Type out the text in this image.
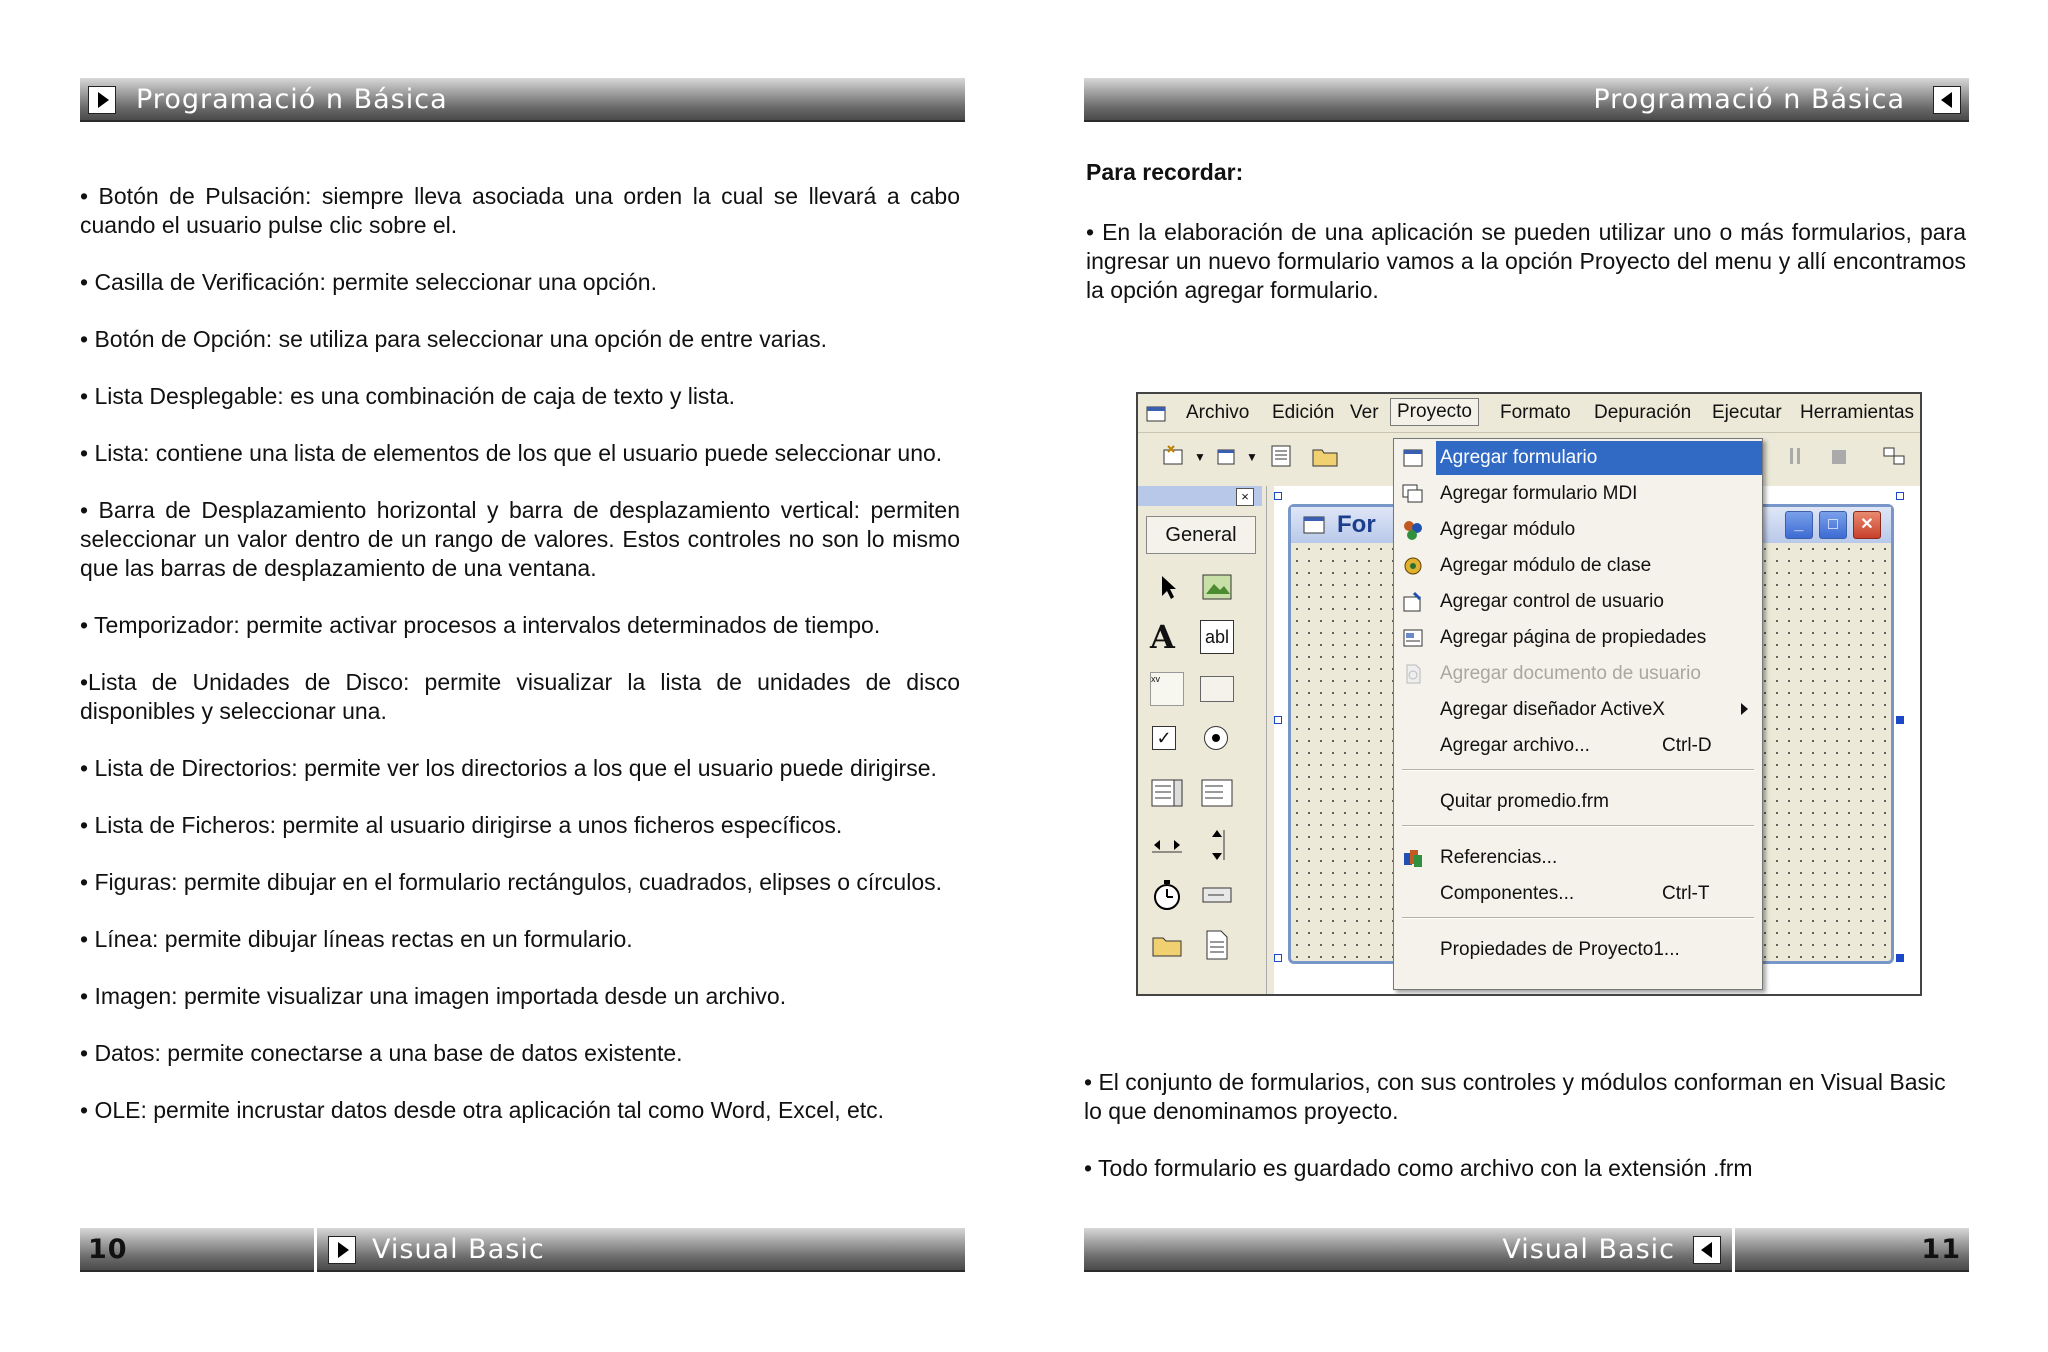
Programació n Básica

• Botón de Pulsación: siempre lleva asociada una orden la cual se llevará a cabo cuando el usuario pulse clic sobre el.

• Casilla de Verificación: permite seleccionar una opción.

• Botón de Opción: se utiliza para seleccionar una opción de entre varias.

• Lista Desplegable: es una combinación de caja de texto y lista.

• Lista: contiene una lista de elementos de los que el usuario puede seleccionar uno.

• Barra de Desplazamiento horizontal y barra de desplazamiento vertical: permiten seleccionar un valor dentro de un rango de valores. Estos controles no son lo mismo que las barras de desplazamiento de una ventana.

• Temporizador: permite activar procesos a intervalos determinados de tiempo.

•Lista de Unidades de Disco: permite visualizar la lista de unidades de disco disponibles y seleccionar una.

• Lista de Directorios: permite ver los directorios a los que el usuario puede dirigirse.

• Lista de Ficheros: permite al usuario dirigirse a unos ficheros específicos.

• Figuras: permite dibujar en el formulario rectángulos, cuadrados, elipses o círculos.

• Línea: permite dibujar líneas rectas en un formulario.

• Imagen: permite visualizar una imagen importada desde un archivo.

• Datos: permite conectarse a una base de datos existente.

• OLE: permite incrustar datos desde otra aplicación tal como Word, Excel, etc.

10	Visual Basic
Programació n Básica
Para recordar:

• En la elaboración de una aplicación se pueden utilizar uno o más formularios, para ingresar un nuevo formulario vamos a la opción Proyecto del menu y allí encontramos la opción agregar formulario.

• El conjunto de formularios, con sus controles y módulos conforman en Visual Basic lo que denominamos proyecto.

• Todo formulario es guardado como archivo con la extensión .frm

Visual Basic	11
Archivo Edición Ver Proyecto	Formato Depuración Ejecutar Herramientas
▼	▼
×
General
A	abl
xv
✓
For	_	□	✕
Agregar formulario
Agregar formulario MDI
Agregar módulo
Agregar módulo de clase
Agregar control de usuario
Agregar página de propiedades
Agregar documento de usuario
Agregar diseñador ActiveX
Agregar archivo...	Ctrl-D
Quitar promedio.frm
Referencias...
Componentes...	Ctrl-T
Propiedades de Proyecto1...
